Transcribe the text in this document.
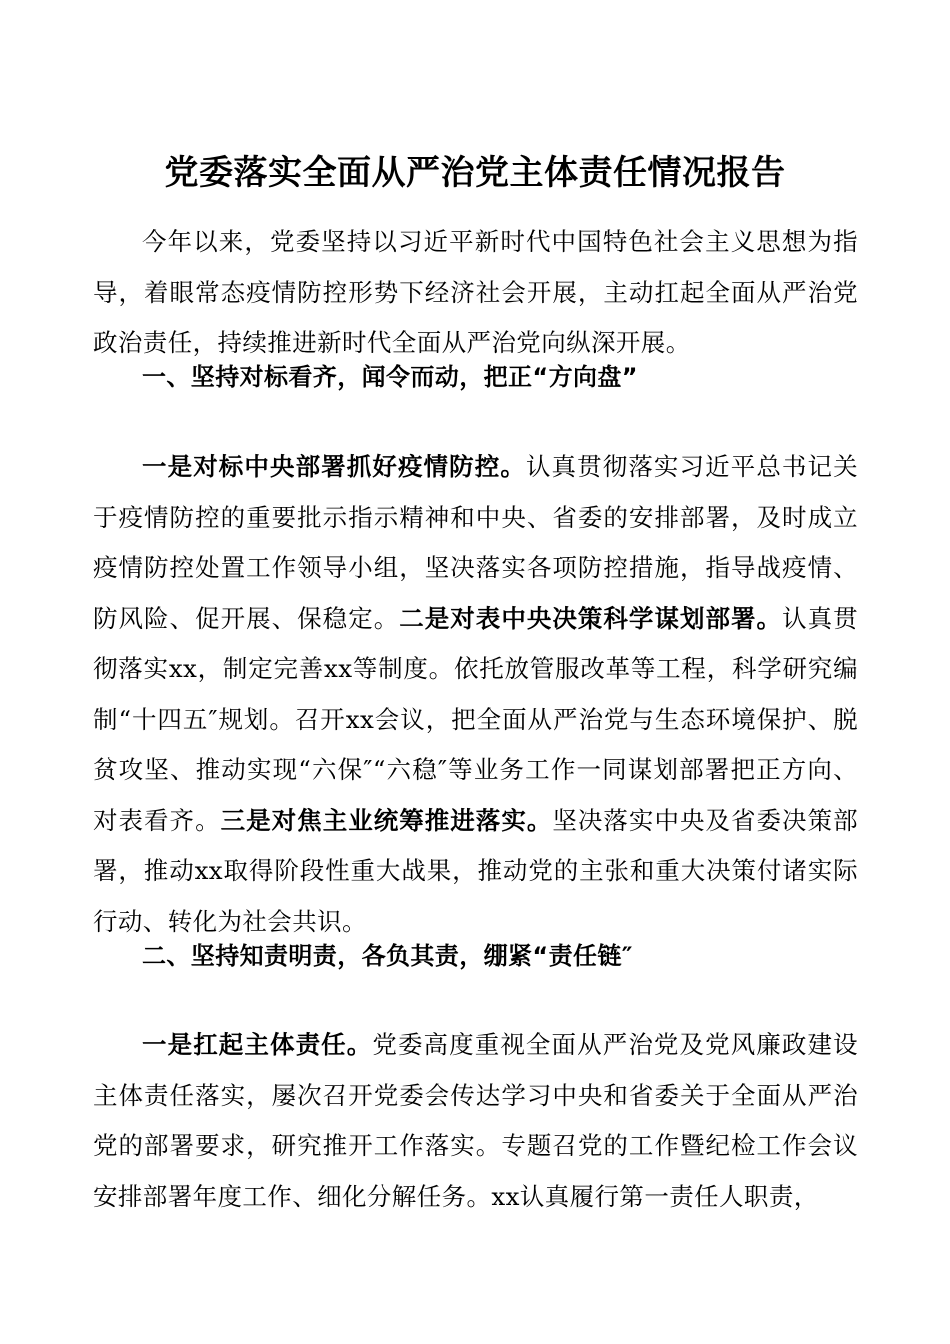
党委落实全面从严治党主体责任情况报告

今年以来，党委坚持以习近平新时代中国特色社会主义思想为指导，着眼常态疫情防控形势下经济社会开展，主动扛起全面从严治党政治责任，持续推进新时代全面从严治党向纵深开展。

一、坚持对标看齐，闻令而动，把正“方向盘”

一是对标中央部署抓好疫情防控。认真贯彻落实习近平总书记关于疫情防控的重要批示指示精神和中央、省委的安排部署，及时成立疫情防控处置工作领导小组，坚决落实各项防控措施，指导战疫情、防风险、促开展、保稳定。二是对表中央决策科学谋划部署。认真贯彻落实xx，制定完善xx等制度。依托放管服改革等工程，科学研究编制“十四五″规划。召开xx会议，把全面从严治党与生态环境保护、脱贫攻坚、推动实现“六保″“六稳″等业务工作一同谋划部署把正方向、对表看齐。三是对焦主业统筹推进落实。坚决落实中央及省委决策部署，推动xx取得阶段性重大战果，推动党的主张和重大决策付诸实际行动、转化为社会共识。

二、坚持知责明责，各负其责，绷紧“责任链″

一是扛起主体责任。党委高度重视全面从严治党及党风廉政建设主体责任落实，屡次召开党委会传达学习中央和省委关于全面从严治党的部署要求，研究推开工作落实。专题召党的工作暨纪检工作会议安排部署年度工作、细化分解任务。xx认真履行第一责任人职责，
